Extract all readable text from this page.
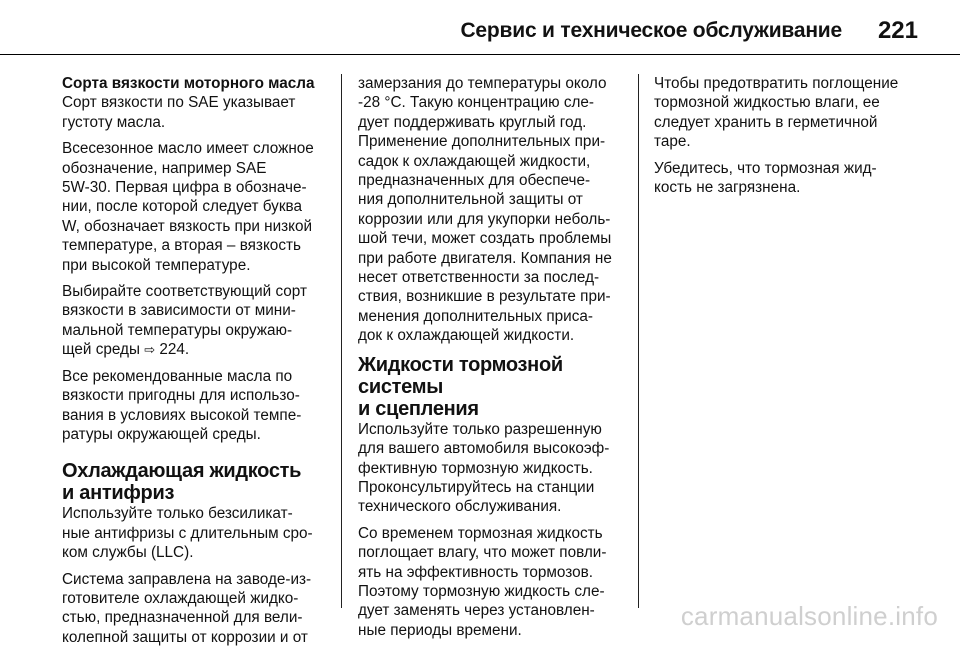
Сервис и техническое обслуживание 221
Сорта вязкости моторного масла

Сорт вязкости по SAE указывает
густоту масла.

Всесезонное масло имеет сложное
обозначение, например SAE
5W-30. Первая цифра в обозначе-
нии, после которой следует буква
W, обозначает вязкость при низкой
температуре, а вторая – вязкость
при высокой температуре.

Выбирайте соответствующий сорт
вязкости в зависимости от мини-
мальной температуры окружаю-
щей среды ⇨ 224.

Все рекомендованные масла по
вязкости пригодны для использо-
вания в условиях высокой темпе-
ратуры окружающей среды.

Охлаждающая жидкость
и антифриз

Используйте только безсиликат-
ные антифризы с длительным сро-
ком службы (LLC).

Система заправлена на заводе-из-
готовителе охлаждающей жидко-
стью, предназначенной для вели-
колепной защиты от коррозии и от

замерзания до температуры около
-28 °C. Такую концентрацию сле-
дует поддерживать круглый год.
Применение дополнительных при-
садок к охлаждающей жидкости,
предназначенных для обеспече-
ния дополнительной защиты от
коррозии или для укупорки неболь-
шой течи, может создать проблемы
при работе двигателя. Компания не
несет ответственности за послед-
ствия, возникшие в результате при-
менения дополнительных приса-
док к охлаждающей жидкости.

Жидкости тормозной системы
и сцепления

Используйте только разрешенную
для вашего автомобиля высокоэф-
фективную тормозную жидкость.
Проконсультируйтесь на станции
технического обслуживания.

Со временем тормозная жидкость
поглощает влагу, что может повли-
ять на эффективность тормозов.
Поэтому тормозную жидкость сле-
дует заменять через установлен-
ные периоды времени.

Чтобы предотвратить поглощение
тормозной жидкостью влаги, ее
следует хранить в герметичной
таре.

Убедитесь, что тормозная жид-
кость не загрязнена.

carmanualsonline.info
